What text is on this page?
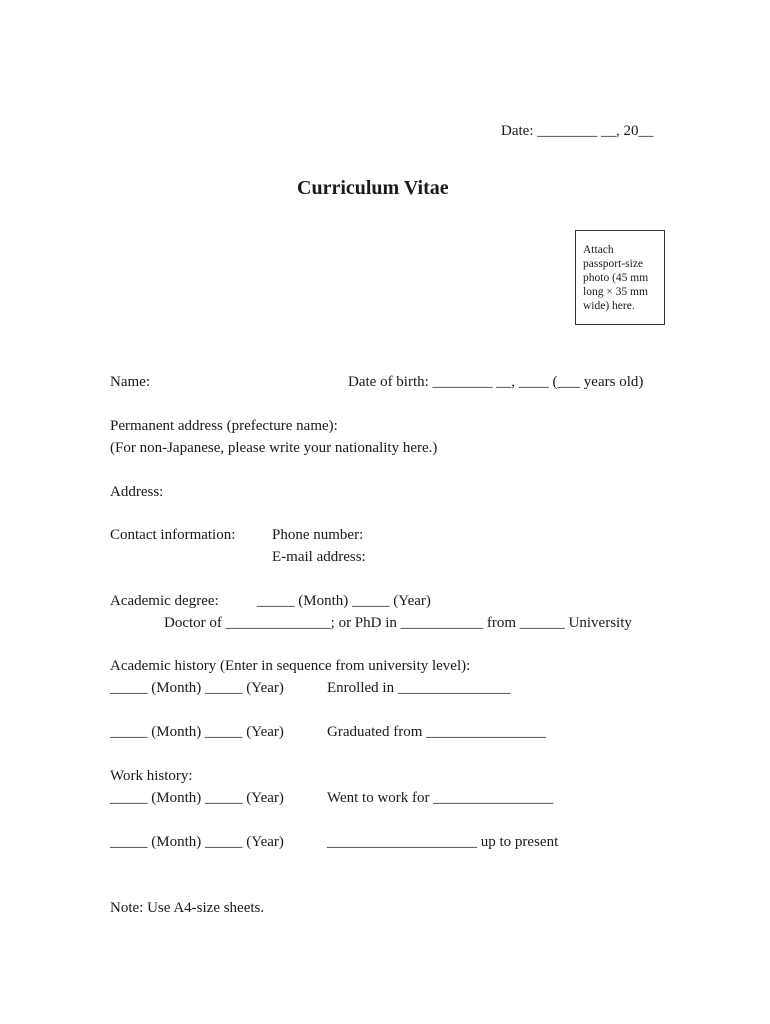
Date: ________ __, 20__
Curriculum Vitae
Attach
passport-size
photo (45 mm
long × 35 mm
wide) here.
Name:	Date of birth: ________ __, ____ (___ years old)
Permanent address (prefecture name):
(For non-Japanese, please write your nationality here.)
Address:
Contact information: Phone number:
E-mail address:
Academic degree:	_____ (Month) _____ (Year)
Doctor of ______________; or PhD in ___________ from ______ University
Academic history (Enter in sequence from university level):
_____ (Month) _____ (Year)	Enrolled in _______________
_____ (Month) _____ (Year)	Graduated from ________________
Work history:
_____ (Month) _____ (Year)	Went to work for ________________
_____ (Month) _____ (Year)	____________________ up to present
Note: Use A4-size sheets.
